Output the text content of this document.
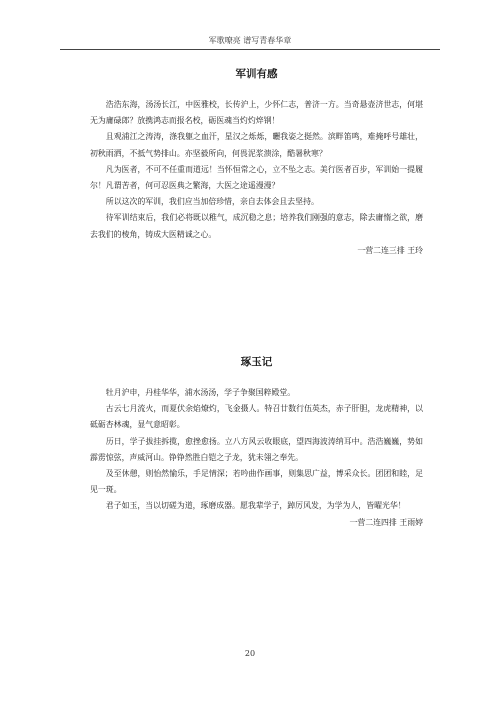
军歌嘹亮 谱写青春华章
军训有感

浩浩东海，汤汤长江，中医雅校，长传沪上，少怀仁志，普济一方。当奇悬壶济世志，何堪无为庸碌郎？放携鸿志而报名校，砺医魂当灼灼焠钢！

且观浦江之涛涛，涤我躯之血汗，星汉之烁烁，曬我姿之挺然。滨畔笛鸣，难掩呼号雄壮，初秋雨洒，不抵气势排山。亦坚毅所向，何畏泥浆溃涂，酷暑秋寒？

凡为医者，不可不任重而道远！当怀恒常之心，立不坠之志。美行医者百步，军训始一提履尔！凡谓苦者，何可忍医典之繁海，大医之途遥漫漫？

所以这次的军训，我们应当加倍珍惜，亲自去体会且去坚持。

待军训结束后，我们必将既以稚气，成沉稳之息；培养我们刚强的意志，除去庸惰之欲，磨去我们的棱角，铸成大医精诚之心。

一营二连三排 王玲

琢玉记

牡月沪申，丹桂华华，浦水汤汤，学子争聚国粹殿堂。

古云七月流火，而夏伏余焰燎灼，飞金摄人。特召廿数行伍英杰，赤子肝胆，龙虎精神，以砥砺杏林魂，显气意昭彰。

历日，学子拔挂拆揽，愈挫愈扬。立八方风云收眼底，望四海波涛纳耳中。浩浩巍巍，势如霹雳惊弦，声威河山。铮铮然胜白铠之子龙，犹未翎之奉先。

及至休憩，则怡然愉乐，手足情深；若吟曲作画事，则集思广益，博采众长。团团和睦，足见一斑。

君子如玉，当以切磋为道，琢磨成器。愿我辈学子，踔厉风发，为学为人，皆曜光华！

一营二连四排 王雨婷

20
